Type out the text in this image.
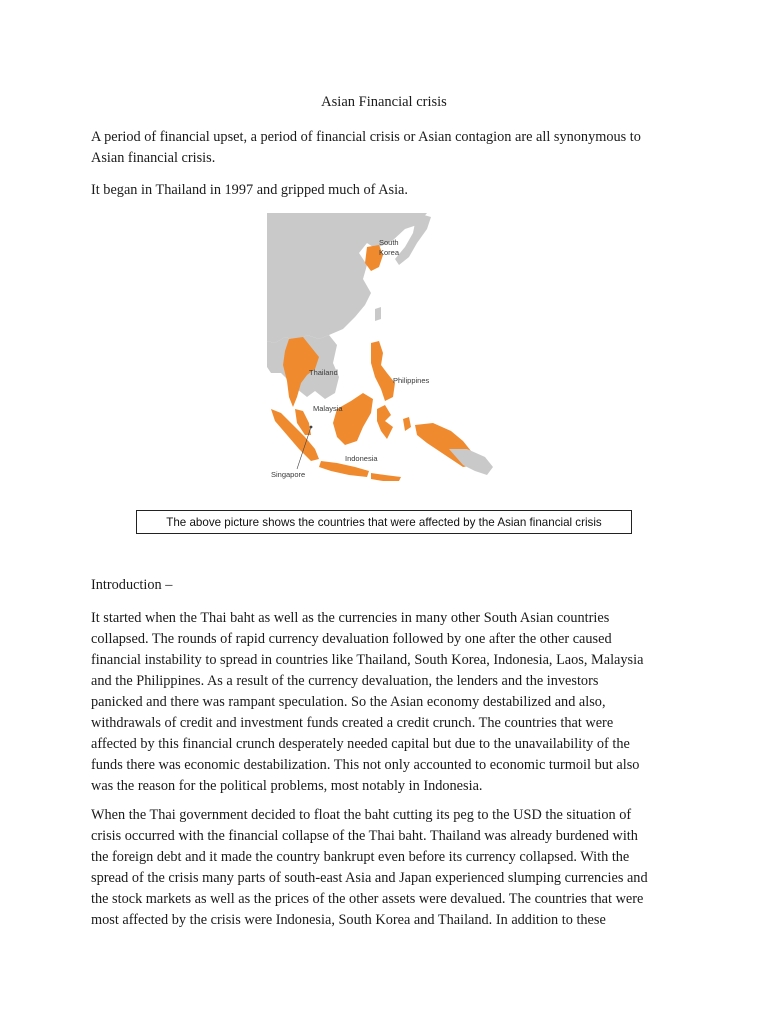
Asian Financial crisis
A period of financial upset, a period of financial crisis or Asian contagion are all synonymous to
Asian financial crisis.
It began in Thailand in 1997 and gripped much of Asia.
South
Korea
Thailand
Philippines
Malaysia
Indonesia
Singapore
The above picture shows the countries that were affected by the Asian financial crisis
Introduction –
It started when the Thai baht as well as the currencies in many other South Asian countries
collapsed. The rounds of rapid currency devaluation followed by one after the other caused
financial instability to spread in countries like Thailand, South Korea, Indonesia, Laos, Malaysia
and the Philippines. As a result of the currency devaluation, the lenders and the investors
panicked and there was rampant speculation. So the Asian economy destabilized and also,
withdrawals of credit and investment funds created a credit crunch. The countries that were
affected by this financial crunch desperately needed capital but due to the unavailability of the
funds there was economic destabilization. This not only accounted to economic turmoil but also
was the reason for the political problems, most notably in Indonesia.
When the Thai government decided to float the baht cutting its peg to the USD the situation of
crisis occurred with the financial collapse of the Thai baht. Thailand was already burdened with
the foreign debt and it made the country bankrupt even before its currency collapsed. With the
spread of the crisis many parts of south-east Asia and Japan experienced slumping currencies and
the stock markets as well as the prices of the other assets were devalued. The countries that were
most affected by the crisis were Indonesia, South Korea and Thailand. In addition to these
